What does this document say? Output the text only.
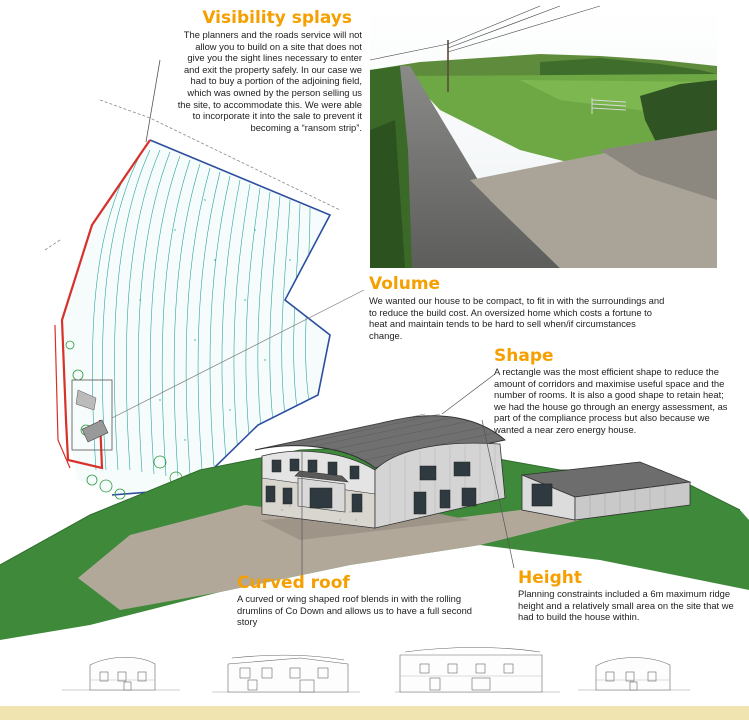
Visibility splays
The planners and the roads service will not allow you to build on a site that does not give you the sight lines necessary to enter and exit the property safely. In our case we had to buy a portion of the adjoining field, which was owned by the person selling us the site, to accommodate this. We were able to incorporate it into the sale to prevent it becoming a “ransom strip”.
Volume
We wanted our house to be compact, to fit in with the surroundings and to reduce the build cost. An oversized home which costs a fortune to heat and maintain tends to be hard to sell when/if circumstances change.
Shape
A rectangle was the most efficient shape to reduce the amount of corridors and maximise useful space and the number of rooms. It is also a good shape to retain heat; we had the house go through an energy assessment, as part of the compliance process but also because we wanted a near zero energy house.
Curved roof
A curved or wing shaped roof blends in with the rolling drumlins of Co Down and allows us to have a full second story
Height
Planning constraints included a 6m maximum ridge height and a relatively small area on the site that we had to build the house within.
